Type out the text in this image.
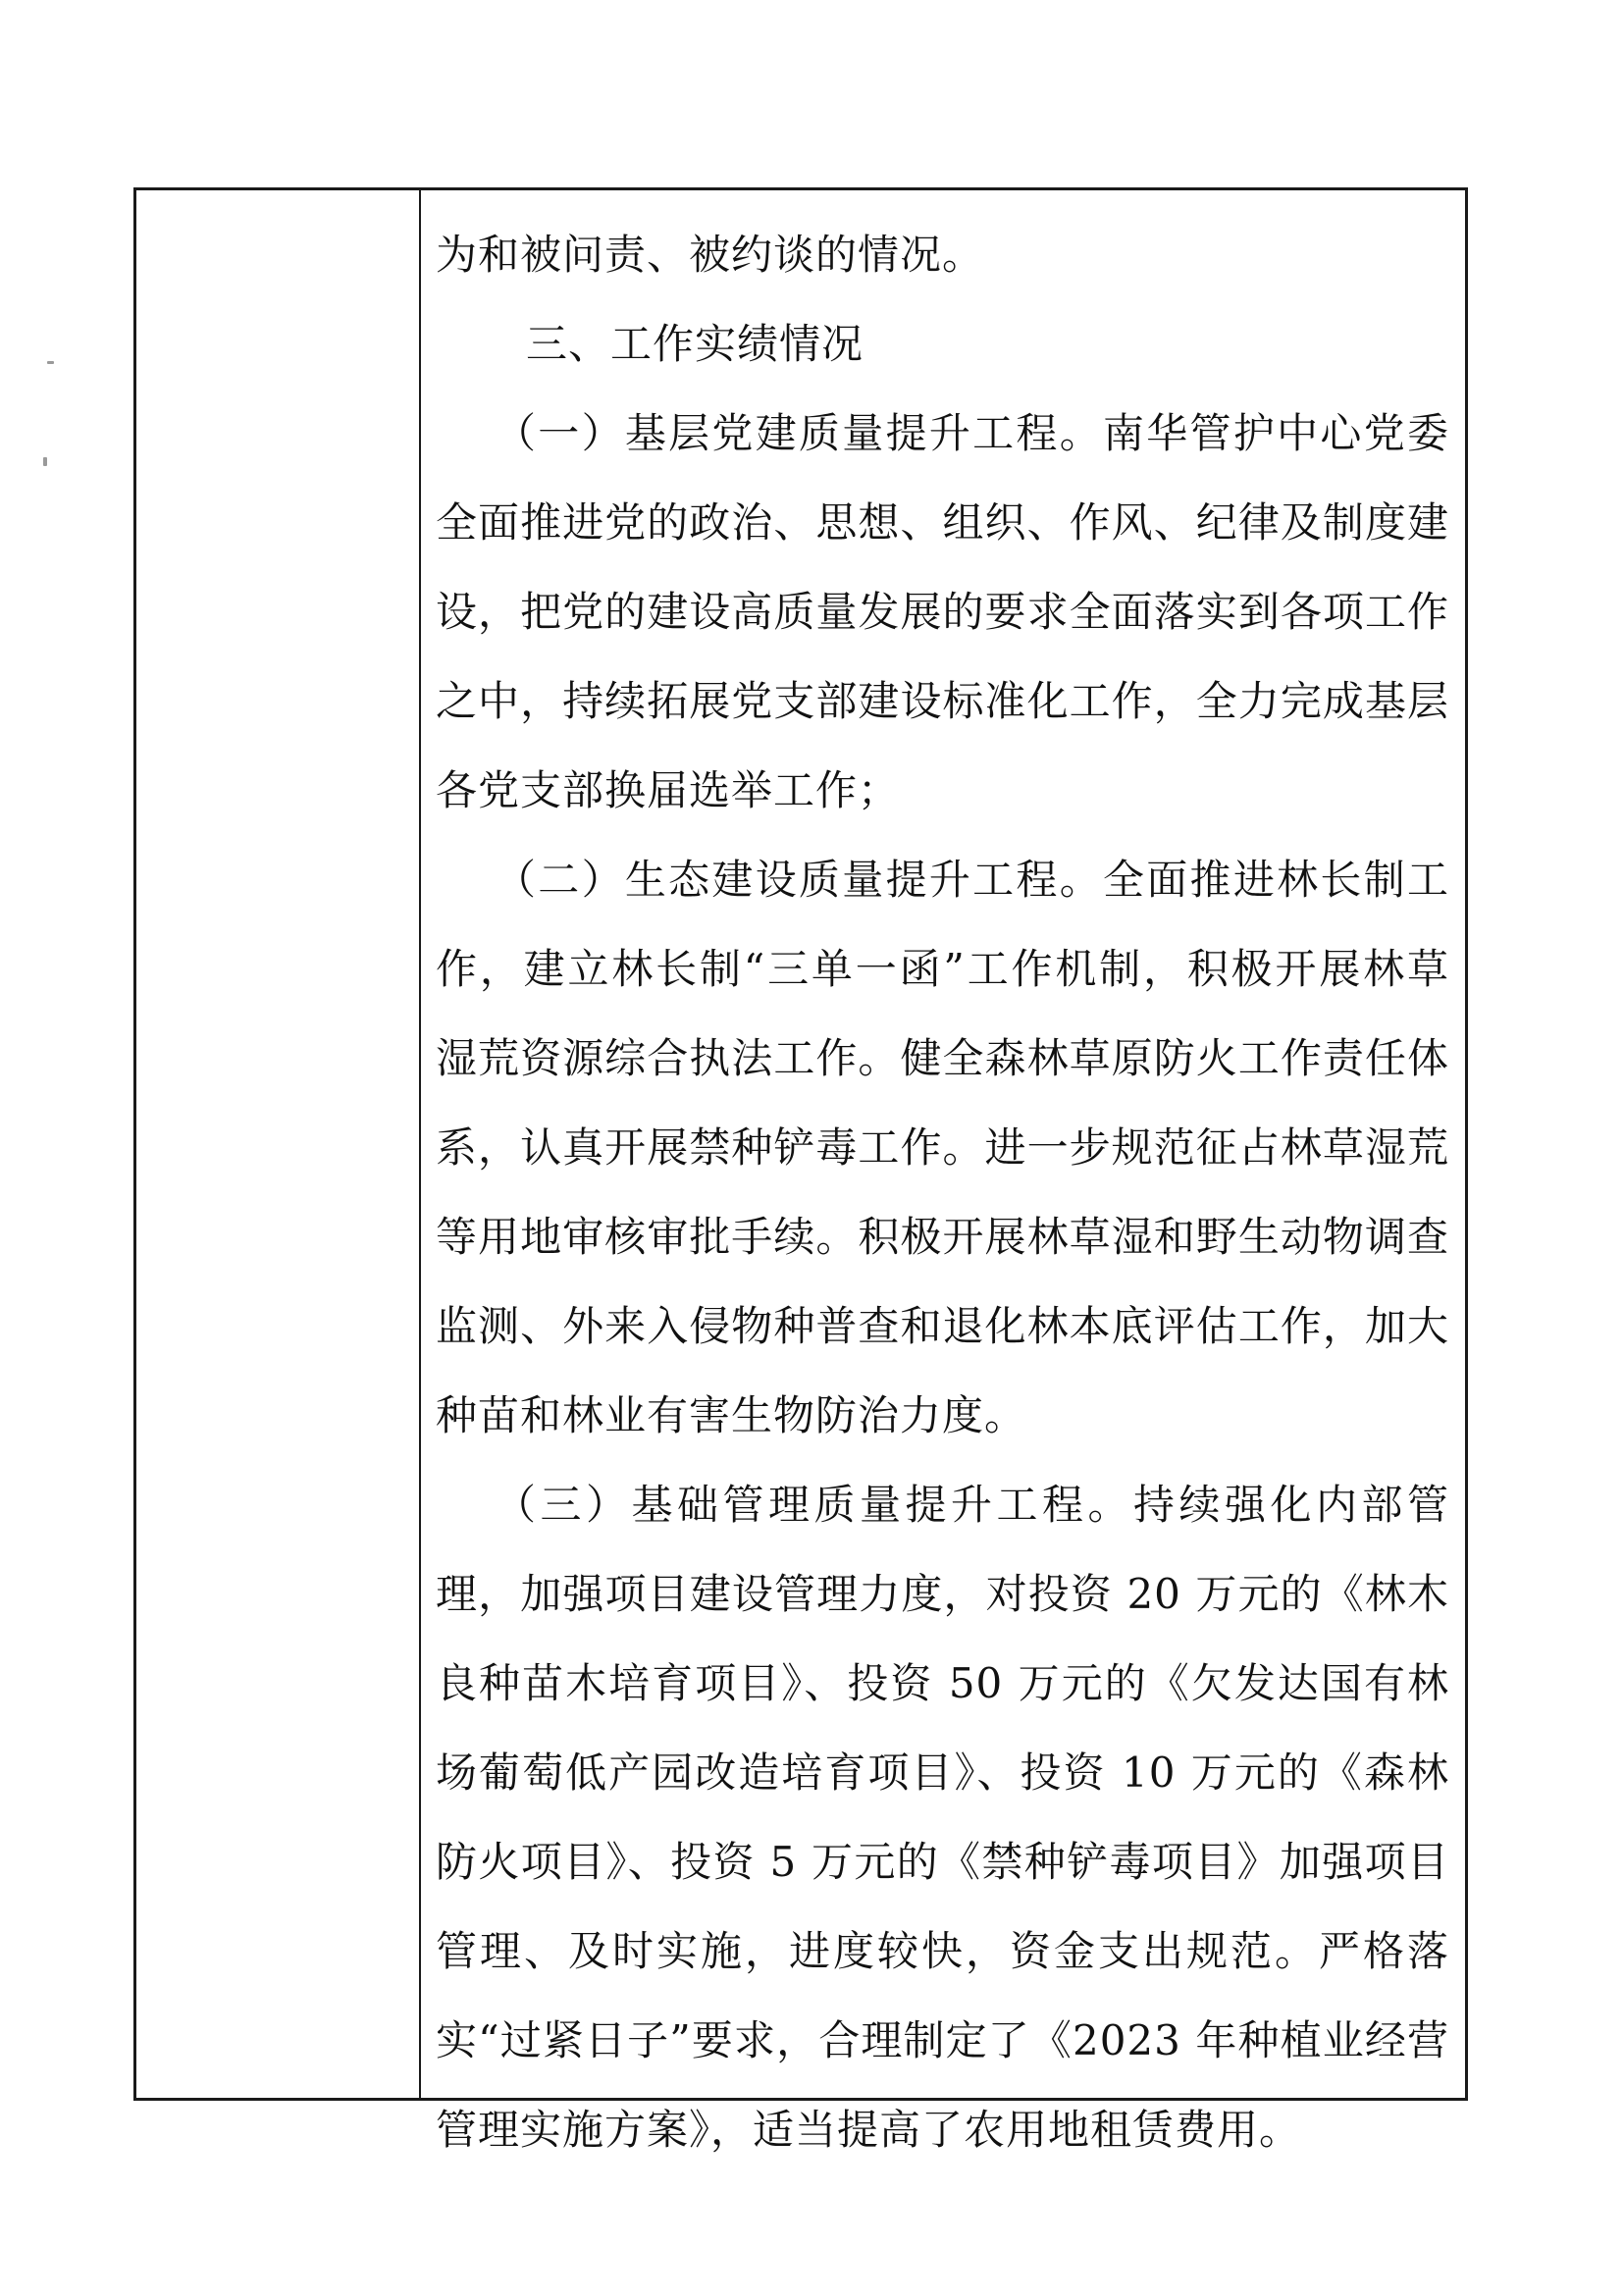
为和被问责、被约谈的情况。

三、工作实绩情况

（一）基层党建质量提升工程。南华管护中心党委全面推进党的政治、思想、组织、作风、纪律及制度建设，把党的建设高质量发展的要求全面落实到各项工作之中，持续拓展党支部建设标准化工作，全力完成基层各党支部换届选举工作；

（二）生态建设质量提升工程。全面推进林长制工作，建立林长制“三单一函”工作机制，积极开展林草湿荒资源综合执法工作。健全森林草原防火工作责任体系，认真开展禁种铲毒工作。进一步规范征占林草湿荒等用地审核审批手续。积极开展林草湿和野生动物调查监测、外来入侵物种普查和退化林本底评估工作，加大种苗和林业有害生物防治力度。

（三）基础管理质量提升工程。持续强化内部管理，加强项目建设管理力度，对投资 20 万元的《林木良种苗木培育项目》、投资 50 万元的《欠发达国有林场葡萄低产园改造培育项目》、投资 10 万元的《森林防火项目》、投资 5 万元的《禁种铲毒项目》加强项目管理、及时实施，进度较快，资金支出规范。严格落实“过紧日子”要求，合理制定了《2023 年种植业经营管理实施方案》，适当提高了农用地租赁费用。
